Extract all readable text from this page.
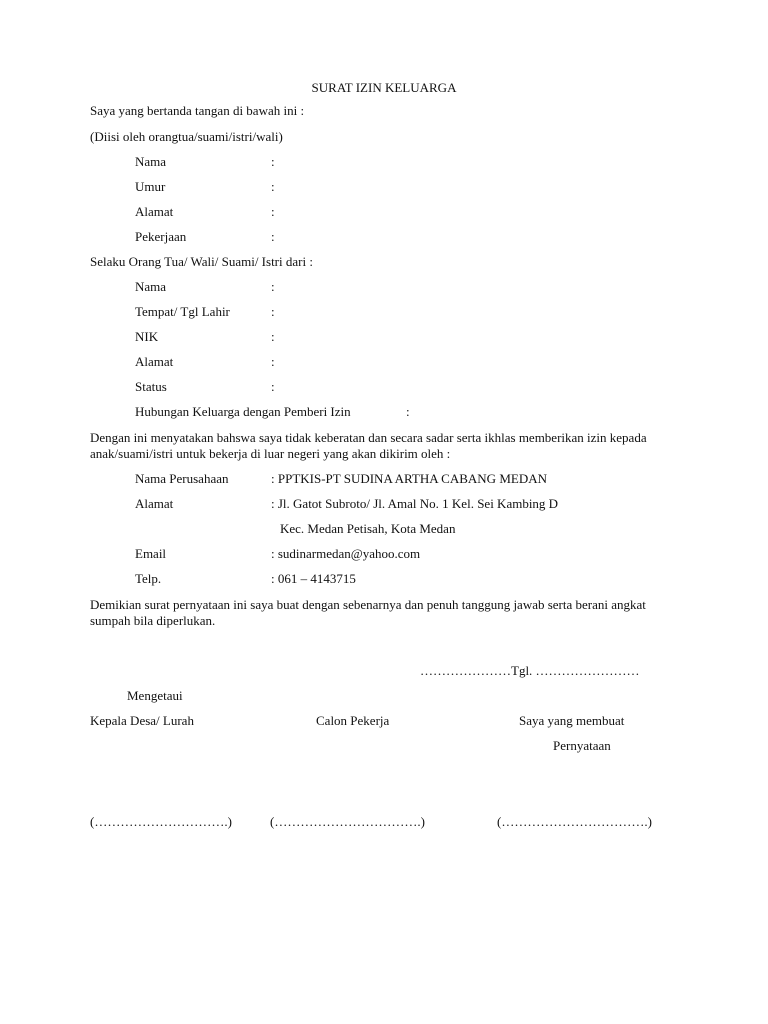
SURAT IZIN KELUARGA
Saya yang bertanda tangan di bawah ini :
(Diisi oleh orangtua/suami/istri/wali)
Nama	:
Umur	:
Alamat	:
Pekerjaan	:
Selaku Orang Tua/ Wali/ Suami/ Istri dari :
Nama	:
Tempat/ Tgl Lahir	:
NIK	:
Alamat	:
Status	:
Hubungan Keluarga dengan Pemberi Izin	:
Dengan ini menyatakan bahswa saya tidak keberatan dan secara sadar serta ikhlas memberikan izin kepada anak/suami/istri untuk bekerja di luar negeri yang akan dikirim oleh :
Nama Perusahaan	: PPTKIS-PT SUDINA ARTHA CABANG MEDAN
Alamat	: Jl. Gatot Subroto/ Jl. Amal No. 1 Kel. Sei Kambing D
Kec. Medan Petisah, Kota Medan
Email	: sudinarmedan@yahoo.com
Telp.	: 061 – 4143715
Demikian surat pernyataan ini saya buat dengan sebenarnya dan penuh tanggung jawab serta berani angkat sumpah bila diperlukan.
…………………Tgl. ……………………
Mengetaui
Kepala Desa/ Lurah	Calon Pekerja	Saya yang membuat
Pernyataan
(………………………….)	(…………………………….)	(…………………………….)
